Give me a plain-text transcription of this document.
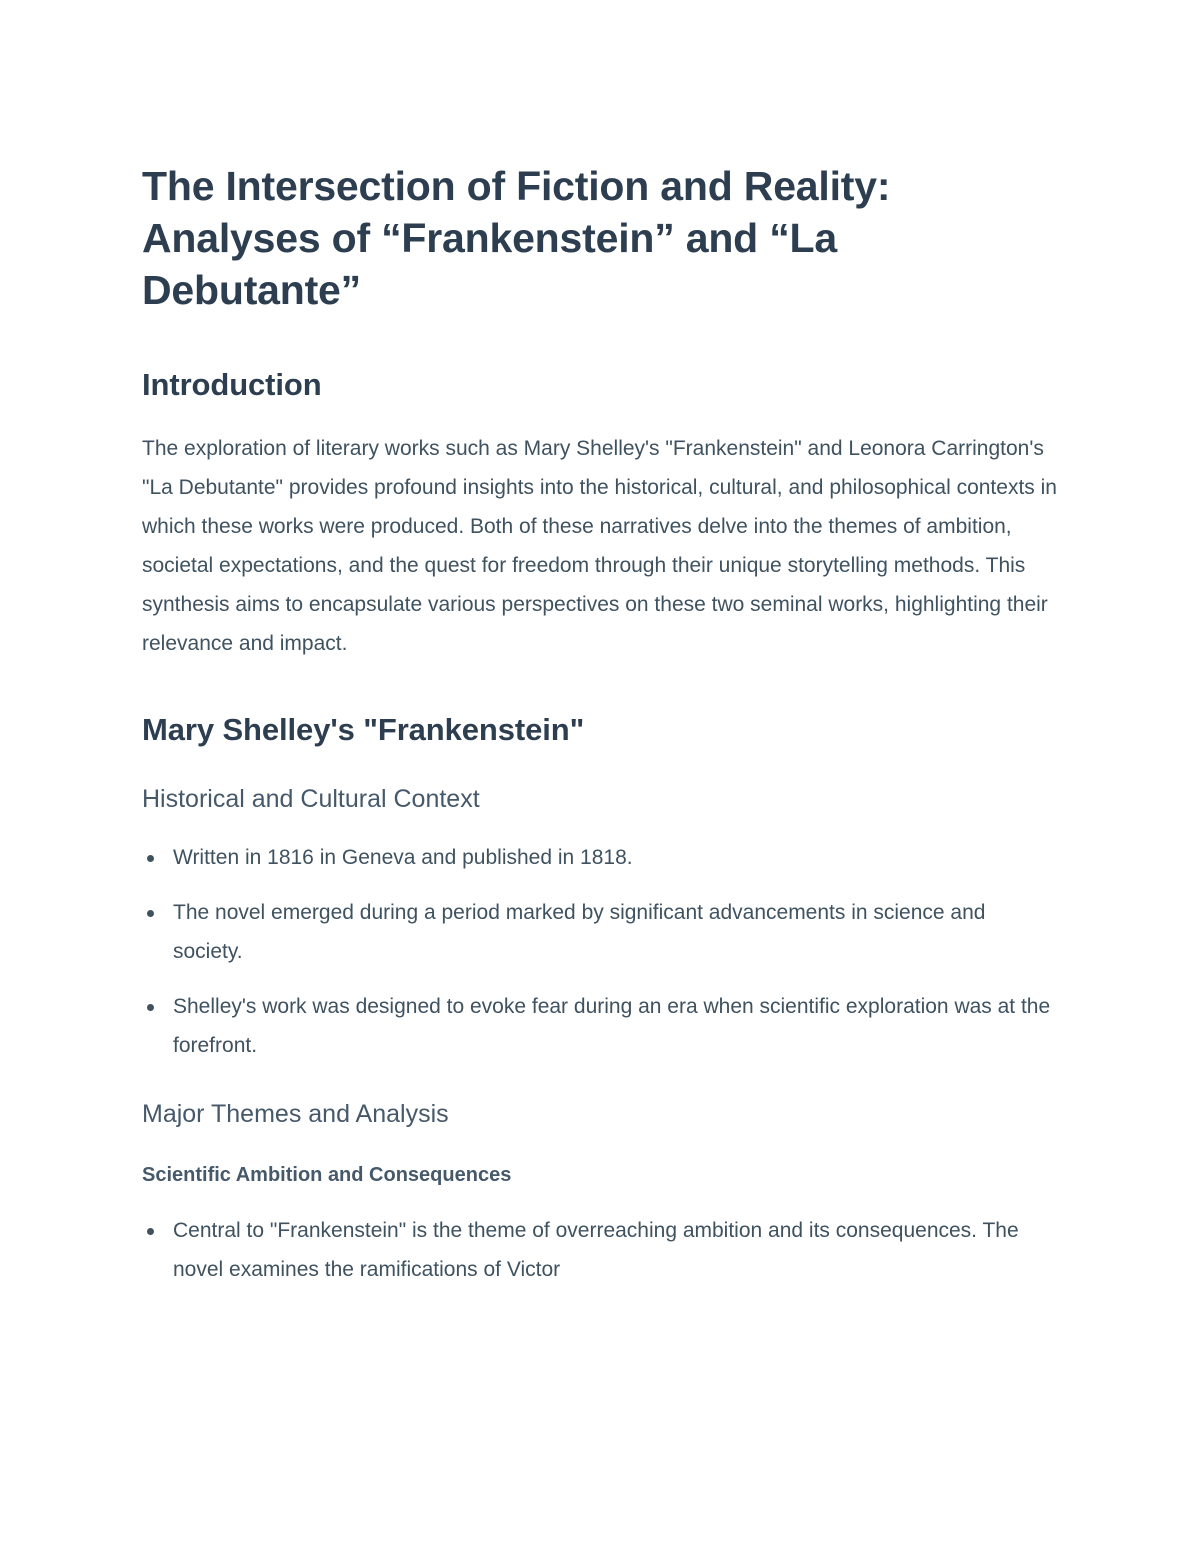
The Intersection of Fiction and Reality: Analyses of “Frankenstein” and “La Debutante”
Introduction

The exploration of literary works such as Mary Shelley's "Frankenstein" and Leonora Carrington's "La Debutante" provides profound insights into the historical, cultural, and philosophical contexts in which these works were produced. Both of these narratives delve into the themes of ambition, societal expectations, and the quest for freedom through their unique storytelling methods. This synthesis aims to encapsulate various perspectives on these two seminal works, highlighting their relevance and impact.

Mary Shelley's "Frankenstein"
Historical and Cultural Context
Written in 1816 in Geneva and published in 1818.
The novel emerged during a period marked by significant advancements in science and society.
Shelley's work was designed to evoke fear during an era when scientific exploration was at the forefront.
Major Themes and Analysis
Scientific Ambition and Consequences
Central to "Frankenstein" is the theme of overreaching ambition and its consequences. The novel examines the ramifications of Victor
